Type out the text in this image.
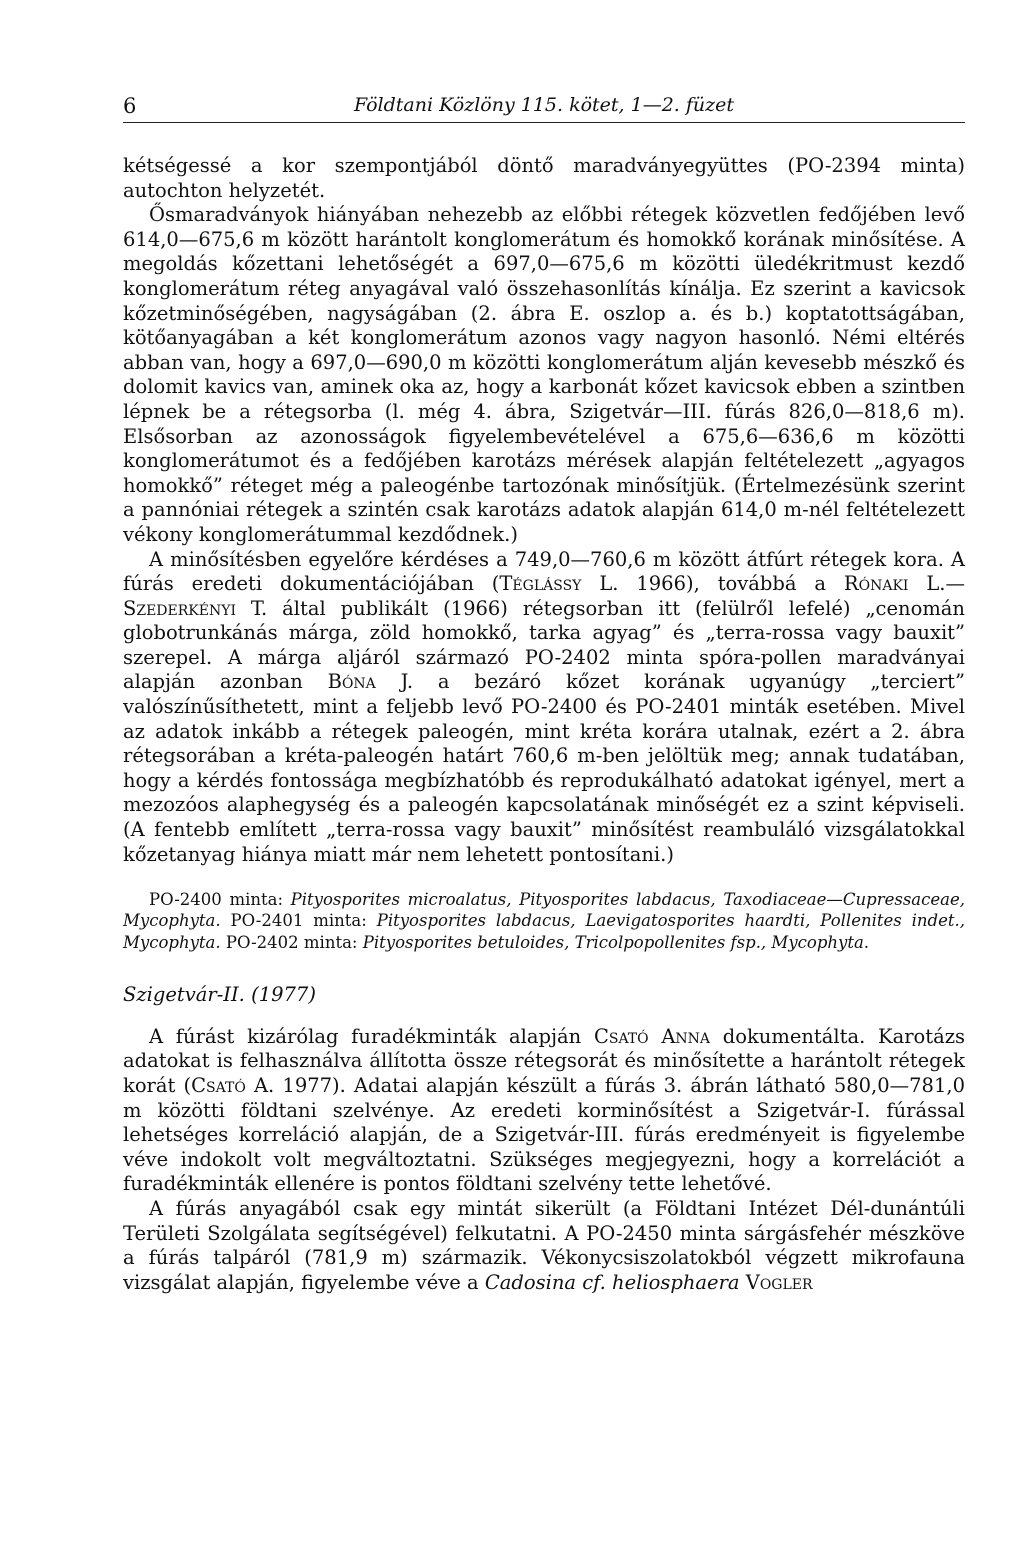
6	Földtani Közlöny 115. kötet, 1—2. füzet

kétségessé a kor szempontjából döntő maradványegyüttes (PO-2394 minta) autochton helyzetét.

Ősmaradványok hiányában nehezebb az előbbi rétegek közvetlen fedőjében levő 614,0—675,6 m között harántolt konglomerátum és homokkő korának minősítése. A megoldás kőzettani lehetőségét a 697,0—675,6 m közötti üledékritmust kezdő konglomerátum réteg anyagával való összehasonlítás kínálja. Ez szerint a kavicsok kőzetminőségében, nagyságában (2. ábra E. oszlop a. és b.) koptatottságában, kötőanyagában a két konglomerátum azonos vagy nagyon hasonló. Némi eltérés abban van, hogy a 697,0—690,0 m közötti konglomerátum alján kevesebb mészkő és dolomit kavics van, aminek oka az, hogy a karbonát kőzet kavicsok ebben a szintben lépnek be a rétegsorba (l. még 4. ábra, Szigetvár—III. fúrás 826,0—818,6 m). Elsősorban az azonosságok figyelembevételével a 675,6—636,6 m közötti konglomerátumot és a fedőjében karotázs mérések alapján feltételezett „agyagos homokkő” réteget még a paleogénbe tartozónak minősítjük. (Értelmezésünk szerint a pannóniai rétegek a szintén csak karotázs adatok alapján 614,0 m-nél feltételezett vékony konglomerátummal kezdődnek.)

A minősítésben egyelőre kérdéses a 749,0—760,6 m között átfúrt rétegek kora. A fúrás eredeti dokumentációjában (Téglássy L. 1966), továbbá a Rónaki L.—Szederkényi T. által publikált (1966) rétegsorban itt (felülről lefelé) „cenomán globotrunkánás márga, zöld homokkő, tarka agyag” és „terra-rossa vagy bauxit” szerepel. A márga aljáról származó PO-2402 minta spóra-pollen maradványai alapján azonban Bóna J. a bezáró kőzet korának ugyanúgy „terciert” valószínűsíthetett, mint a feljebb levő PO-2400 és PO-2401 minták esetében. Mivel az adatok inkább a rétegek paleogén, mint kréta korára utalnak, ezért a 2. ábra rétegsorában a kréta-paleogén határt 760,6 m-ben jelöltük meg; annak tudatában, hogy a kérdés fontossága megbízhatóbb és reprodukálható adatokat igényel, mert a mezozóos alaphegység és a paleogén kapcsolatának minőségét ez a szint képviseli. (A fentebb említett „terra-rossa vagy bauxit” minősítést reambuláló vizsgálatokkal kőzetanyag hiánya miatt már nem lehetett pontosítani.)

PO-2400 minta: Pityosporites microalatus, Pityosporites labdacus, Taxodiaceae—Cupressaceae, Mycophyta. PO-2401 minta: Pityosporites labdacus, Laevigatosporites haardti, Pollenites indet., Mycophyta. PO-2402 minta: Pityosporites betuloides, Tricolpopollenites fsp., Mycophyta.

Szigetvár-II. (1977)

A fúrást kizárólag furadékminták alapján Csató Anna dokumentálta. Karotázs adatokat is felhasználva állította össze rétegsorát és minősítette a harántolt rétegek korát (Csató A. 1977). Adatai alapján készült a fúrás 3. ábrán látható 580,0—781,0 m közötti földtani szelvénye. Az eredeti korminősítést a Szigetvár-I. fúrással lehetséges korreláció alapján, de a Szigetvár-III. fúrás eredményeit is figyelembe véve indokolt volt megváltoztatni. Szükséges megjegyezni, hogy a korrelációt a furadékminták ellenére is pontos földtani szelvény tette lehetővé.

A fúrás anyagából csak egy mintát sikerült (a Földtani Intézet Dél-dunántúli Területi Szolgálata segítségével) felkutatni. A PO-2450 minta sárgásfehér mészköve a fúrás talpáról (781,9 m) származik. Vékonycsiszolatokból végzett mikrofauna vizsgálat alapján, figyelembe véve a Cadosina cf. heliosphaera Vogler
